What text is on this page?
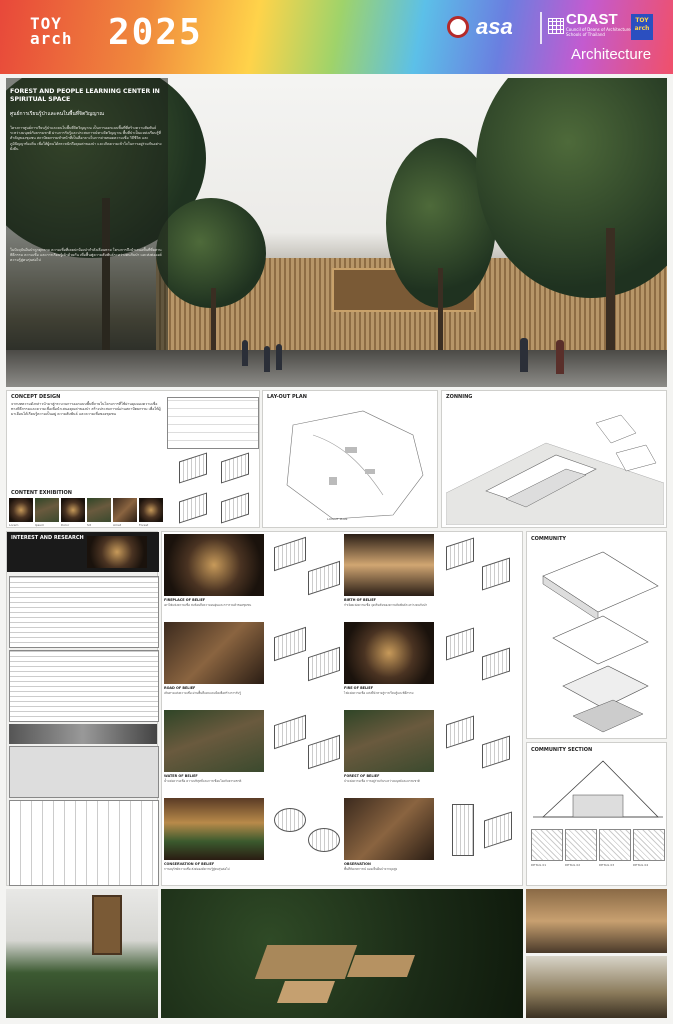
TOY
arch 2025	asa	CDAST
Council of Deans of Architecture
Schools of Thailand
TOY
arch
Architecture
FOREST AND PEOPLE LEARNING CENTER IN SPIRITUAL SPACE
ศูนย์การเรียนรู้ป่าและคนในพื้นที่จิตวิญญาณ
โครงการศูนย์การเรียนรู้ป่าและคนในพื้นที่จิตวิญญาณ เป็นการออกแบบพื้นที่ที่สร้างความสัมพันธ์ระหว่างมนุษย์กับธรรมชาติ ผ่านการรับรู้และประสบการณ์ทางจิตวิญญาณ พื้นที่ป่าเป็นแหล่งเรียนรู้ที่สำคัญของชุมชน สถาปัตยกรรมทำหน้าที่เป็นสื่อกลางในการถ่ายทอดความเชื่อ วิถีชีวิต และภูมิปัญญาท้องถิ่น เพื่อให้ผู้คนได้ตระหนักถึงคุณค่าของป่า และเกิดความเข้าใจในการอยู่ร่วมกันอย่างยั่งยืน
ในปัจจุบันผืนป่าถูกคุกคาม ความเชื่อที่เคยปกป้องป่ากำลังเลือนหาย โครงการจึงนำเสนอพื้นที่ที่ผสานพิธีกรรม ความเชื่อ และการเรียนรู้เข้าด้วยกัน เพื่อฟื้นฟูความสัมพันธ์ระหว่างคนกับป่า และส่งต่อองค์ความรู้สู่คนรุ่นต่อไป
CONCEPT DESIGN
จากบทความดังกล่าวนำมาสู่กระบวนการออกแบบพื้นที่ภายในโครงการที่ใช้ผ่านมุมมองความเชื่อทางพิธีกรรมและความเชื่อเพื่อนำเสนอคุณค่าของป่า สร้างประสบการณ์ผ่านสถาปัตยกรรม เพื่อให้ผู้มาเยือนได้เรียนรู้ความเป็นอยู่ ความสัมพันธ์ และความเชื่อของชุมชน
CONTENT EXHIBITION
Lorem	Ipsum	Dolor	Sit	Amet	Forest
LAY-OUT PLAN
LAYOUT PLAN
ZONNING
INTEREST AND RESEARCH
FIREPLACE OF BELIEF
เตาไฟแห่งความเชื่อ สะท้อนถึงความอบอุ่นและการรวมตัวของชุมชน
BIRTH OF BELIEF
กำเนิดแห่งความเชื่อ จุดเริ่มต้นของความสัมพันธ์ระหว่างคนกับป่า
ROAD OF BELIEF
เส้นทางแห่งความเชื่อ ผ่านพื้นที่แคบและมืดเพื่อสร้างการรับรู้
FIRE OF BELIEF
ไฟแห่งความเชื่อ แสงที่นำทางสู่การเรียนรู้และพิธีกรรม
WATER OF BELIEF
น้ำแห่งความเชื่อ ความบริสุทธิ์และการเชื่อมโยงกับธรรมชาติ
FOREST OF BELIEF
ป่าแห่งความเชื่อ การอยู่ร่วมกันระหว่างมนุษย์และธรรมชาติ
CONSERVATION OF BELIEF
การอนุรักษ์ความเชื่อ ส่งต่อองค์ความรู้สู่คนรุ่นต่อไป
OBSERVATION
พื้นที่สังเกตการณ์ มองเห็นผืนป่าจากมุมสูง
COMMUNITY
COMMUNITY SECTION
DETAIL 01	DETAIL 02	DETAIL 03	DETAIL 04
